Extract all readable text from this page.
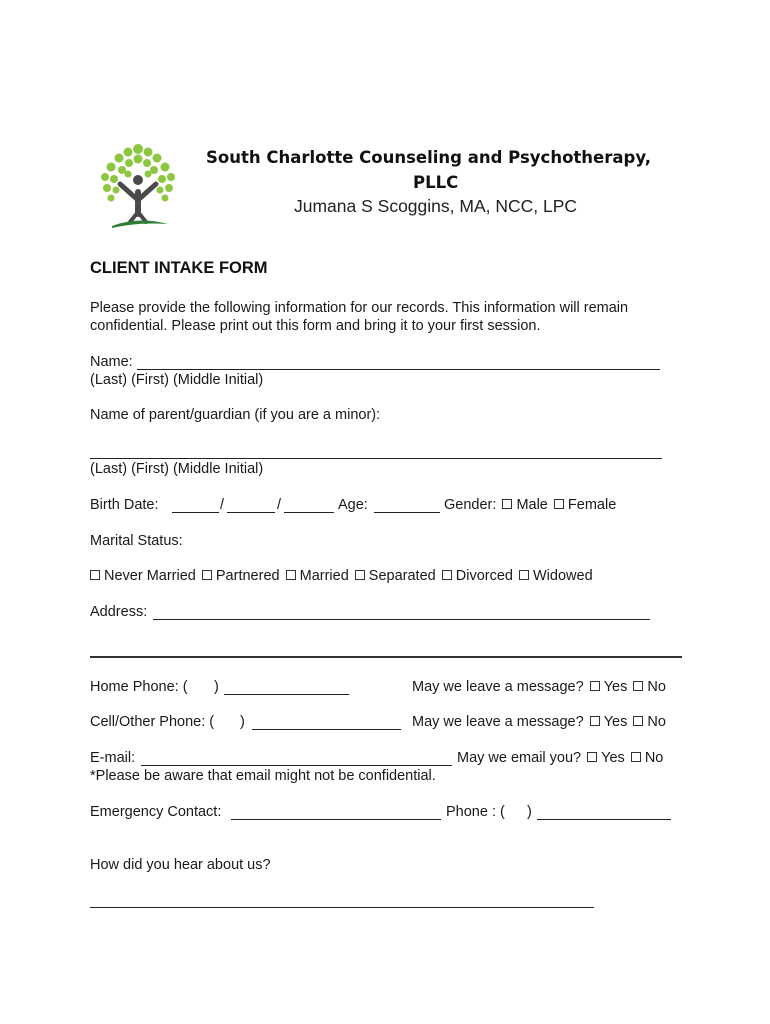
South Charlotte Counseling and Psychotherapy,
PLLC
Jumana S Scoggins, MA, NCC, LPC
CLIENT INTAKE FORM
Please provide the following information for our records. This information will remain
confidential. Please print out this form and bring it to your first session.
Name:
(Last) (First) (Middle Initial)
Name of parent/guardian (if you are a minor):
(Last) (First) (Middle Initial)
Birth Date:	/	/	Age:	Gender: Male Female
Marital Status:
Never Married Partnered Married Separated Divorced Widowed
Address:
Home Phone: ( )	May we leave a message? Yes No
Cell/Other Phone: ( )	May we leave a message? Yes No
E-mail:	May we email you? Yes No
*Please be aware that email might not be confidential.
Emergency Contact:	Phone : ( )
How did you hear about us?
